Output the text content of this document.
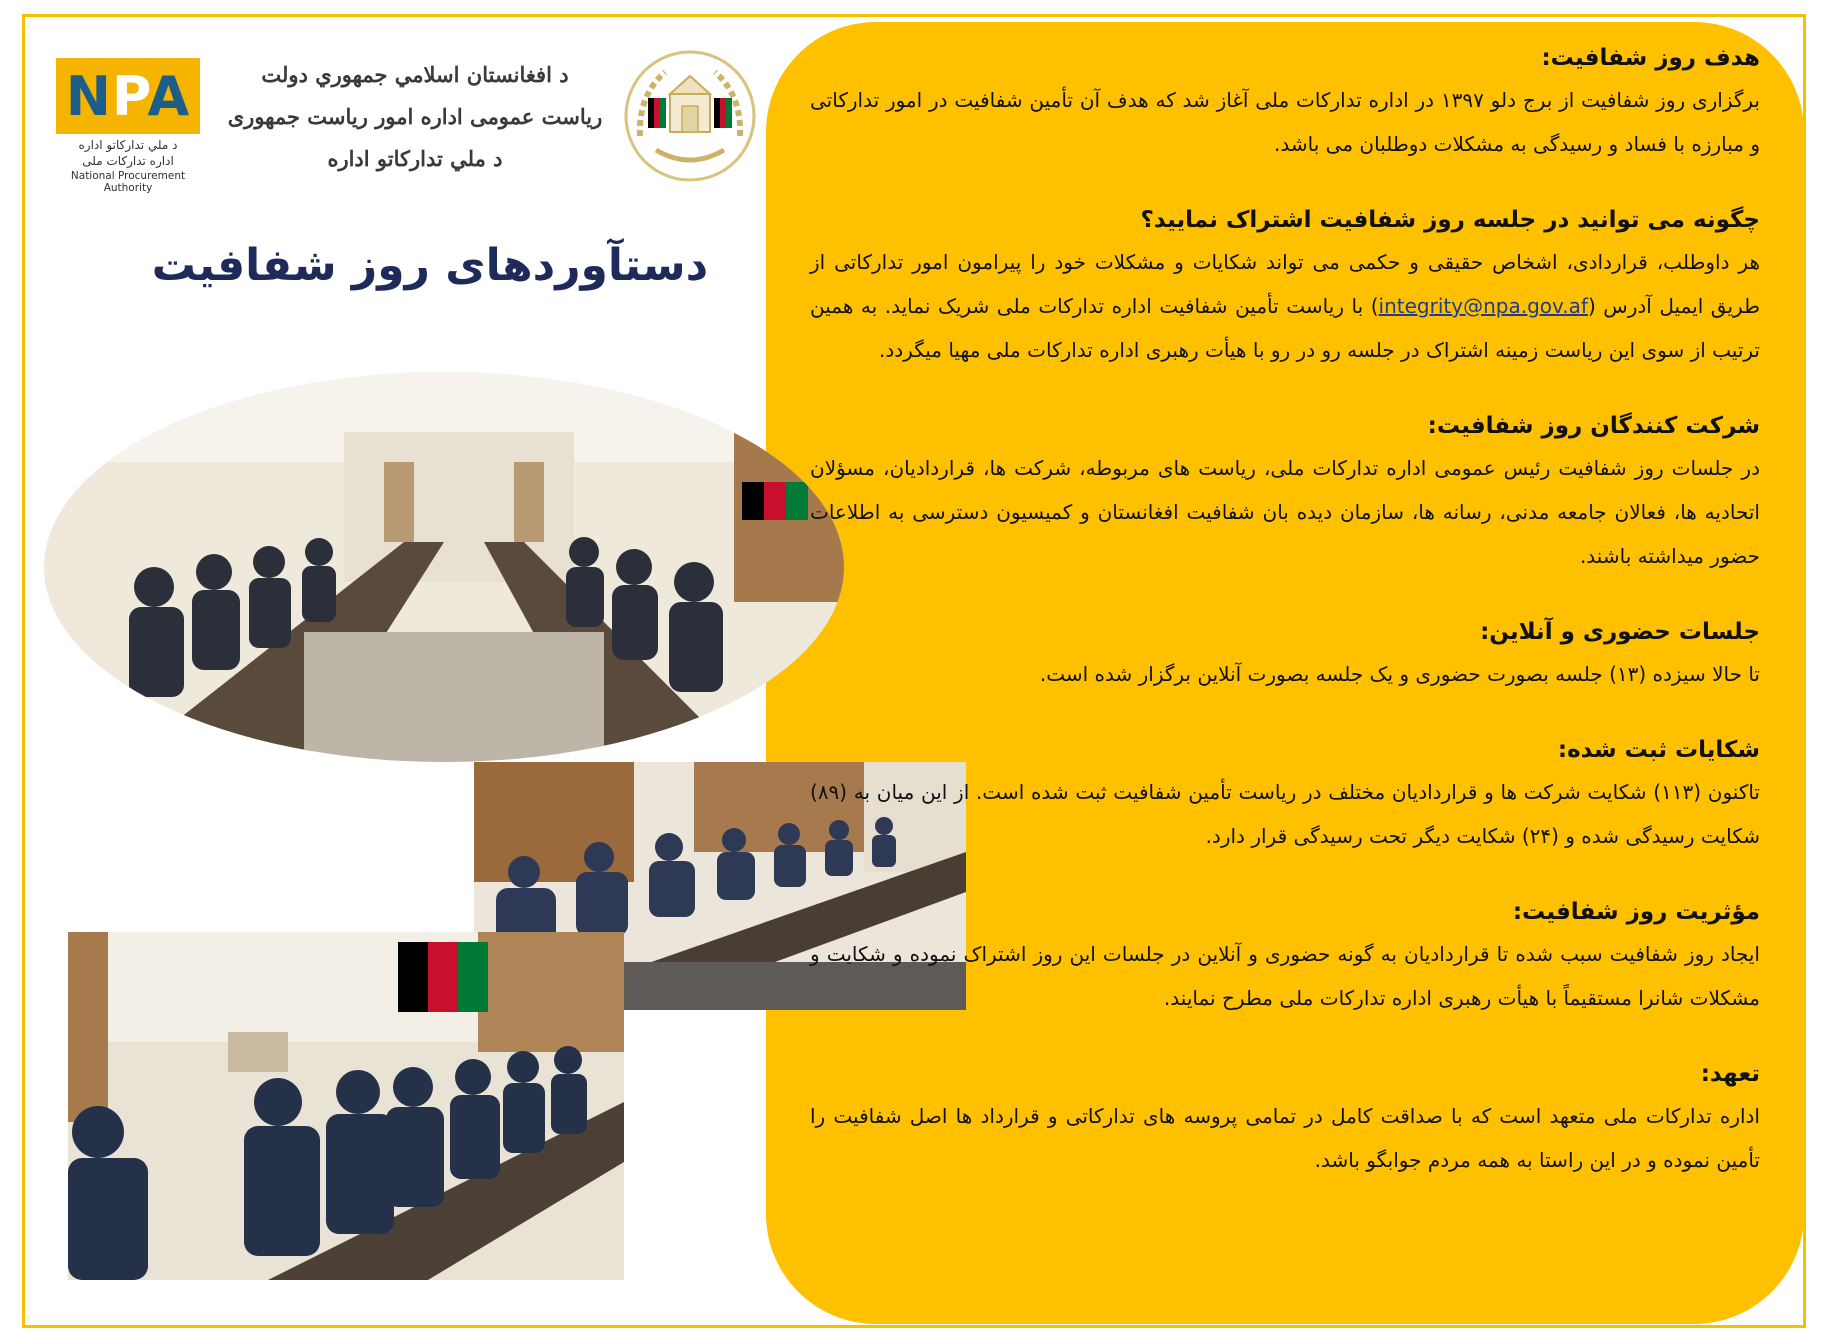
NPA
د ملي تدارکاتو اداره
اداره تدارکات ملی
National Procurement Authority
د افغانستان اسلامي جمهوري دولت
ریاست عمومی اداره امور ریاست جمهوری
د ملي تدارکاتو اداره
دستآوردهای روز شفافیت
هدف روز شفافیت:

برگزاری روز شفافیت از برج دلو ۱۳۹۷ در اداره تدارکات ملی آغاز شد که هدف آن تأمین شفافیت در امور تدارکاتی و مبارزه با فساد و رسیدگی به مشکلات دوطلبان می باشد.

چگونه می توانید در جلسه روز شفافیت اشتراک نمایید؟

هر داوطلب، قراردادی، اشخاص حقیقی و حکمی می تواند شکایات و مشکلات خود را پیرامون امور تدارکاتی از طریق ایمیل آدرس (integrity@npa.gov.af) با ریاست تأمین شفافیت اداره تدارکات ملی شریک نماید. به همین ترتیب از سوی این ریاست زمینه اشتراک در جلسه رو در رو با هیأت رهبری اداره تدارکات ملی مهیا میگردد.

شرکت کنندگان روز شفافیت:

در جلسات روز شفافیت رئیس عمومی اداره تدارکات ملی، ریاست های مربوطه، شرکت ها، قراردادیان، مسؤلان اتحادیه ها، فعالان جامعه مدنی، رسانه ها، سازمان دیده بان شفافیت افغانستان و کمیسیون دسترسی به اطلاعات حضور میداشته باشند.

جلسات حضوری و آنلاین:

تا حالا سیزده (۱۳) جلسه بصورت حضوری و یک جلسه بصورت آنلاین برگزار شده است.

شکایات ثبت شده:

تاکنون (۱۱۳) شکایت شرکت ها و قراردادیان مختلف در ریاست تأمین شفافیت ثبت شده است. از این میان به (۸۹) شکایت رسیدگی شده و (۲۴) شکایت دیگر تحت رسیدگی قرار دارد.

مؤثریت روز شفافیت:

ایجاد روز شفافیت سبب شده تا قراردادیان به گونه حضوری و آنلاین در جلسات این روز اشتراک نموده و شکایت و مشکلات شانرا مستقیماً با هیأت رهبری اداره تدارکات ملی مطرح نمایند.

تعهد:

اداره تدارکات ملی متعهد است که با صداقت کامل در تمامی پروسه های تدارکاتی و قرارداد ها اصل شفافیت را تأمین نموده و در این راستا به همه مردم جوابگو باشد.
